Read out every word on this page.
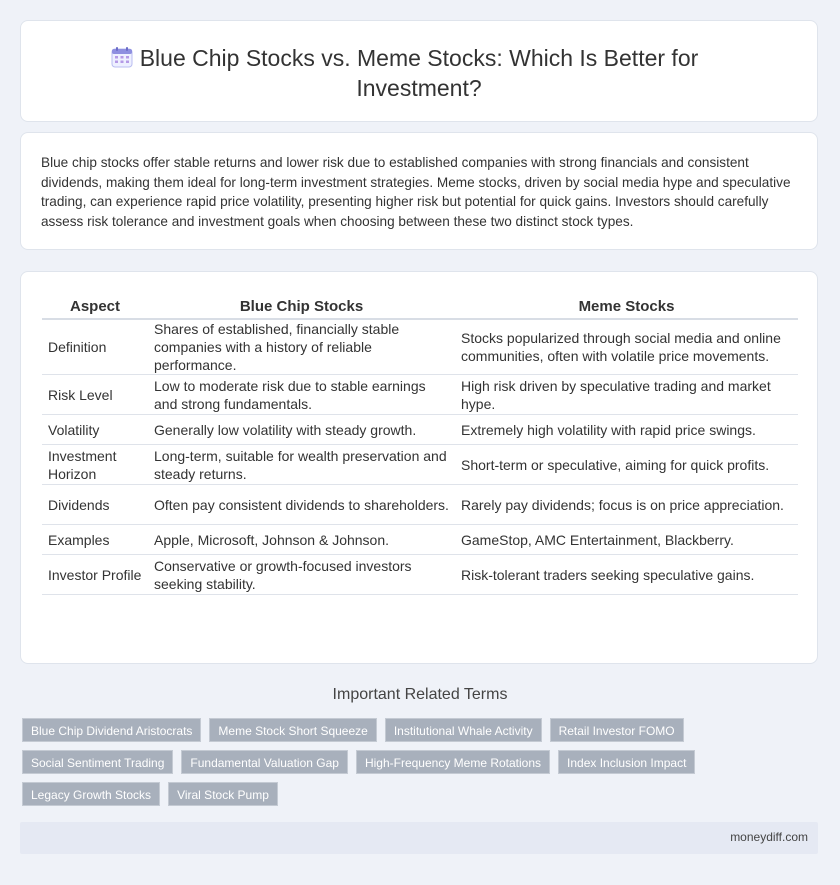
Blue Chip Stocks vs. Meme Stocks: Which Is Better for Investment?

Blue chip stocks offer stable returns and lower risk due to established companies with strong financials and consistent dividends, making them ideal for long-term investment strategies. Meme stocks, driven by social media hype and speculative trading, can experience rapid price volatility, presenting higher risk but potential for quick gains. Investors should carefully assess risk tolerance and investment goals when choosing between these two distinct stock types.

Aspect	Blue Chip Stocks	Meme Stocks
Definition	Shares of established, financially stable companies with a history of reliable performance.	Stocks popularized through social media and online communities, often with volatile price movements.
Risk Level	Low to moderate risk due to stable earnings and strong fundamentals.	High risk driven by speculative trading and market hype.
Volatility	Generally low volatility with steady growth.	Extremely high volatility with rapid price swings.
Investment Horizon	Long-term, suitable for wealth preservation and steady returns.	Short-term or speculative, aiming for quick profits.
Dividends	Often pay consistent dividends to shareholders.	Rarely pay dividends; focus is on price appreciation.
Examples	Apple, Microsoft, Johnson & Johnson.	GameStop, AMC Entertainment, Blackberry.
Investor Profile	Conservative or growth-focused investors seeking stability.	Risk-tolerant traders seeking speculative gains.
Important Related Terms
Blue Chip Dividend Aristocrats	Meme Stock Short Squeeze	Institutional Whale Activity	Retail Investor FOMO
Social Sentiment Trading	Fundamental Valuation Gap	High-Frequency Meme Rotations	Index Inclusion Impact
Legacy Growth Stocks	Viral Stock Pump
moneydiff.com
